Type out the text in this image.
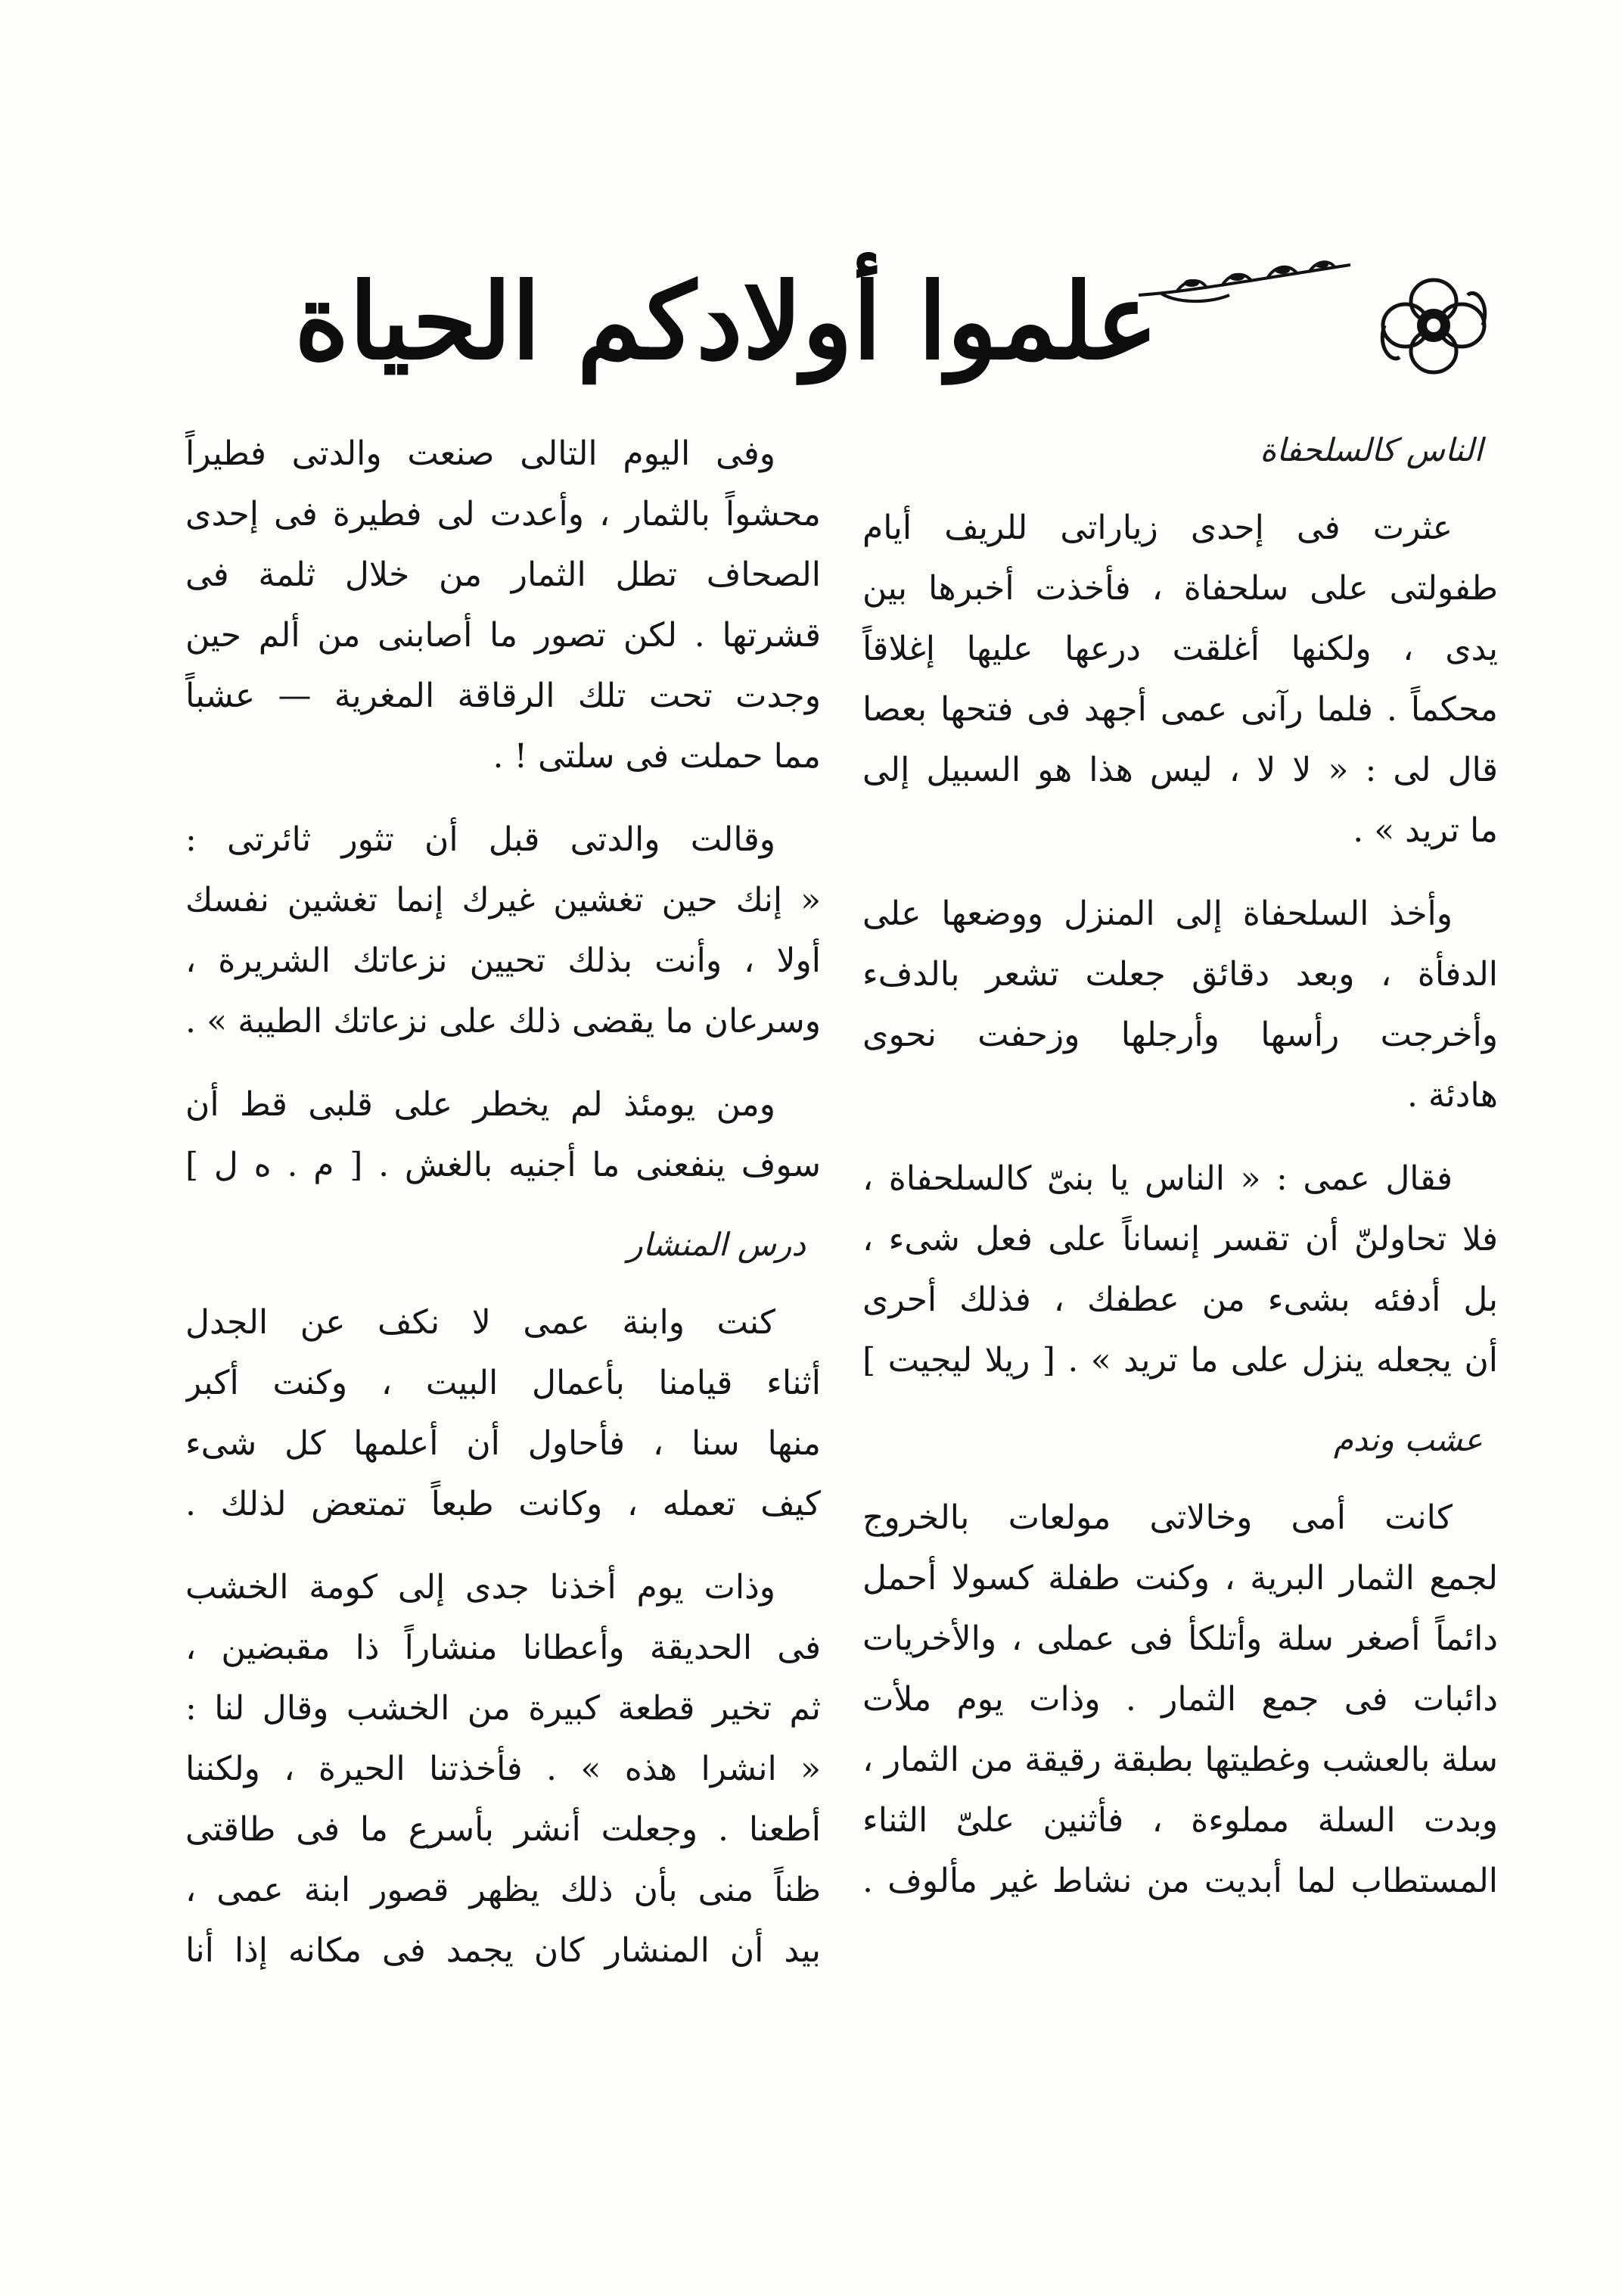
علموا أولادكم الحياة
الناس كالسلحفاة
عثرت فى إحدى زياراتى للريف أيام
طفولتى على سلحفاة ، فأخذت أخبرها بين
يدى ، ولكنها أغلقت درعها عليها إغلاقاً
محكماً . فلما رآنى عمى أجهد فى فتحها بعصا
قال لى : « لا لا ، ليس هذا هو السبيل إلى
ما تريد » .
وأخذ السلحفاة إلى المنزل ووضعها على
الدفأة ، وبعد دقائق جعلت تشعر بالدفء
وأخرجت رأسها وأرجلها وزحفت نحوى
هادئة .
فقال عمى : « الناس يا بنىّ كالسلحفاة ،
فلا تحاولنّ أن تقسر إنساناً على فعل شىء ،
بل أدفئه بشىء من عطفك ، فذلك أحرى
أن يجعله ينزل على ما تريد » . [ ريلا ليجيت ]
عشب وندم
كانت أمى وخالاتى مولعات بالخروج
لجمع الثمار البرية ، وكنت طفلة كسولا أحمل
دائماً أصغر سلة وأتلكأ فى عملى ، والأخريات
دائبات فى جمع الثمار . وذات يوم ملأت
سلة بالعشب وغطيتها بطبقة رقيقة من الثمار ،
وبدت السلة مملوءة ، فأثنين علىّ الثناء
المستطاب لما أبديت من نشاط غير مألوف .
وفى اليوم التالى صنعت والدتى فطيراً
محشواً بالثمار ، وأعدت لى فطيرة فى إحدى
الصحاف تطل الثمار من خلال ثلمة فى
قشرتها . لكن تصور ما أصابنى من ألم حين
وجدت تحت تلك الرقاقة المغرية — عشباً
مما حملت فى سلتى ! .
وقالت والدتى قبل أن تثور ثائرتى :
« إنك حين تغشين غيرك إنما تغشين نفسك
أولا ، وأنت بذلك تحيين نزعاتك الشريرة ،
وسرعان ما يقضى ذلك على نزعاتك الطيبة » .
ومن يومئذ لم يخطر على قلبى قط أن
سوف ينفعنى ما أجنيه بالغش . [ م . ه ل ]
درس المنشار
كنت وابنة عمى لا نكف عن الجدل
أثناء قيامنا بأعمال البيت ، وكنت أكبر
منها سنا ، فأحاول أن أعلمها كل شىء
كيف تعمله ، وكانت طبعاً تمتعض لذلك .
وذات يوم أخذنا جدى إلى كومة الخشب
فى الحديقة وأعطانا منشاراً ذا مقبضين ،
ثم تخير قطعة كبيرة من الخشب وقال لنا :
« انشرا هذه » . فأخذتنا الحيرة ، ولكننا
أطعنا . وجعلت أنشر بأسرع ما فى طاقتى
ظناً منى بأن ذلك يظهر قصور ابنة عمى ،
بيد أن المنشار كان يجمد فى مكانه إذا أنا
